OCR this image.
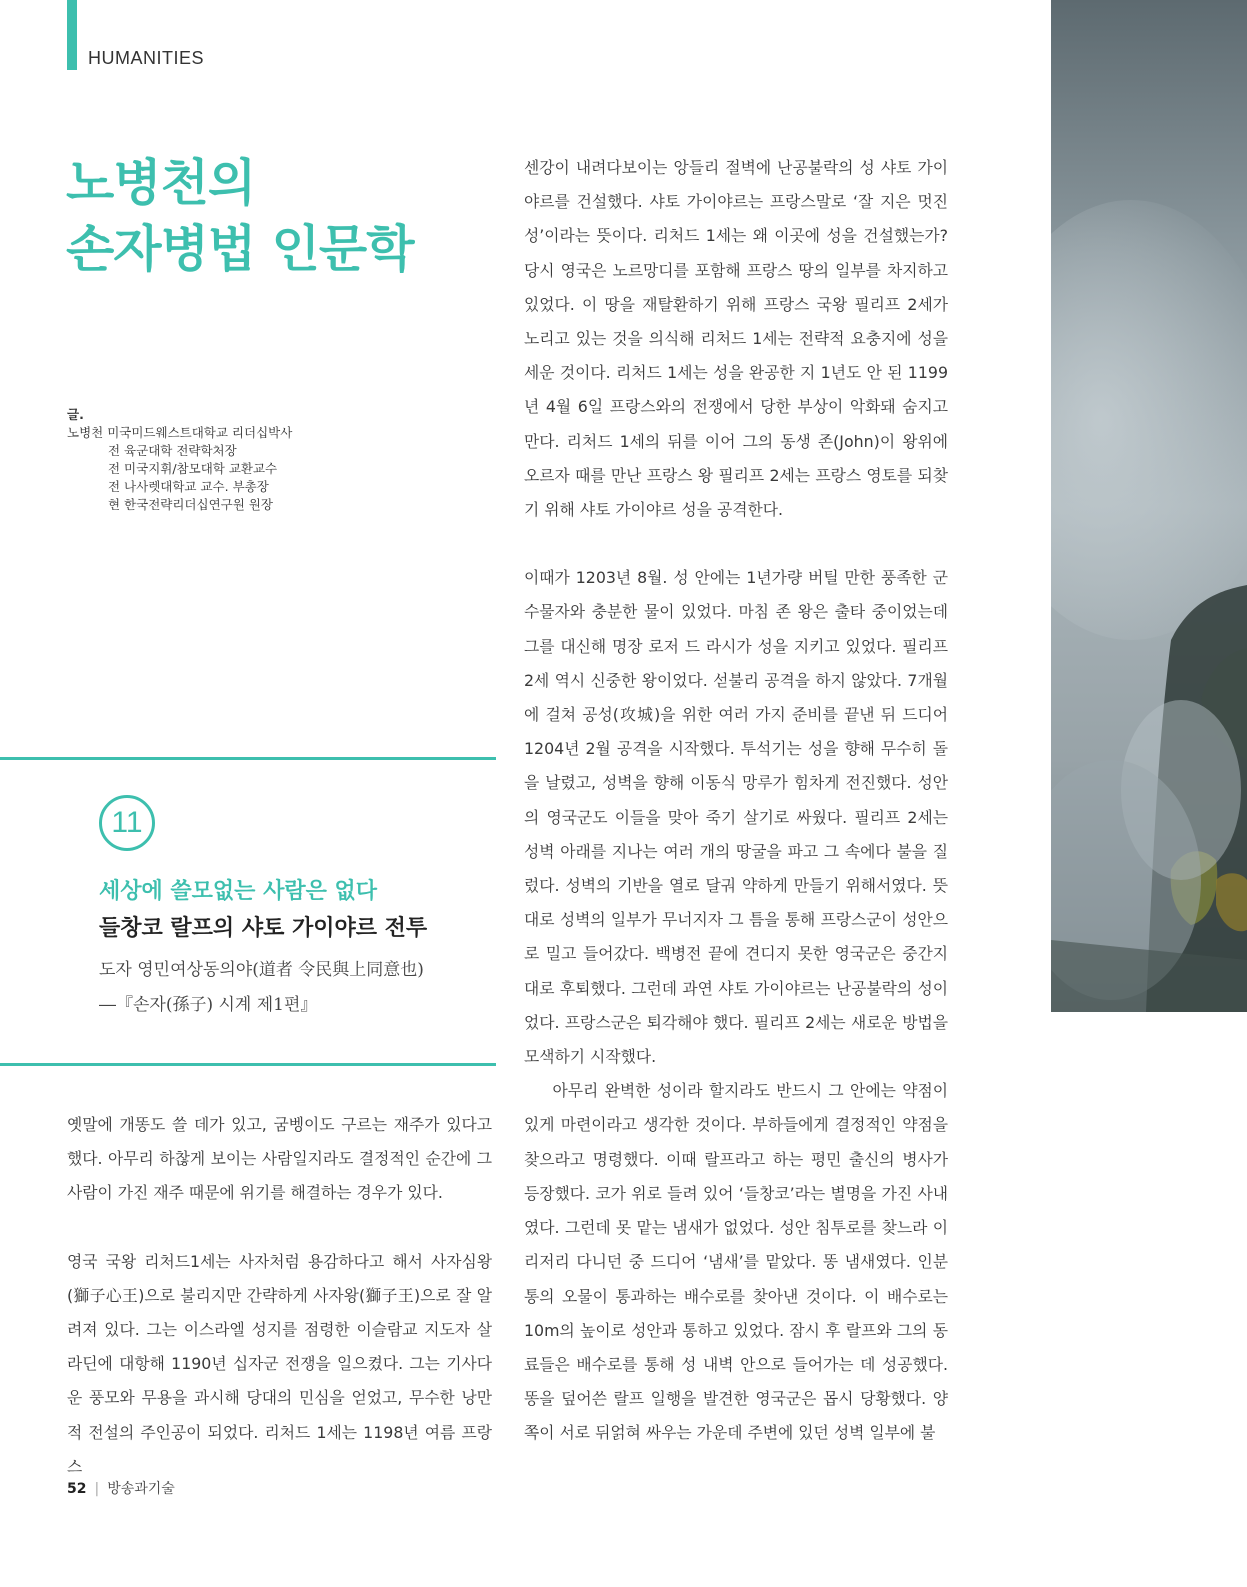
HUMANITIES
노병천의
손자병법 인문학
글.
노병천 미국미드웨스트대학교 리더십박사
전 육군대학 전략학처장
전 미국지휘/참모대학 교환교수
전 나사렛대학교 교수. 부총장
현 한국전략리더십연구원 원장
11
세상에 쓸모없는 사람은 없다
들창코 랄프의 샤토 가이야르 전투
도자 영민여상동의야(道者 令民與上同意也)
―『손자(孫子) 시계 제1편』

옛말에 개똥도 쓸 데가 있고, 굼벵이도 구르는 재주가 있다고 했다. 아무리 하찮게 보이는 사람일지라도 결정적인 순간에 그 사람이 가진 재주 때문에 위기를 해결하는 경우가 있다.

영국 국왕 리처드1세는 사자처럼 용감하다고 해서 사자심왕(獅子心王)으로 불리지만 간략하게 사자왕(獅子王)으로 잘 알려져 있다. 그는 이스라엘 성지를 점령한 이슬람교 지도자 살라딘에 대항해 1190년 십자군 전쟁을 일으켰다. 그는 기사다운 풍모와 무용을 과시해 당대의 민심을 얻었고, 무수한 낭만적 전설의 주인공이 되었다. 리처드 1세는 1198년 여름 프랑스

센강이 내려다보이는 앙들리 절벽에 난공불락의 성 샤토 가이야르를 건설했다. 샤토 가이야르는 프랑스말로 ‘잘 지은 멋진 성’이라는 뜻이다. 리처드 1세는 왜 이곳에 성을 건설했는가? 당시 영국은 노르망디를 포함해 프랑스 땅의 일부를 차지하고 있었다. 이 땅을 재탈환하기 위해 프랑스 국왕 필리프 2세가 노리고 있는 것을 의식해 리처드 1세는 전략적 요충지에 성을 세운 것이다. 리처드 1세는 성을 완공한 지 1년도 안 된 1199년 4월 6일 프랑스와의 전쟁에서 당한 부상이 악화돼 숨지고 만다. 리처드 1세의 뒤를 이어 그의 동생 존(John)이 왕위에 오르자 때를 만난 프랑스 왕 필리프 2세는 프랑스 영토를 되찾기 위해 샤토 가이야르 성을 공격한다.

이때가 1203년 8월. 성 안에는 1년가량 버틸 만한 풍족한 군수물자와 충분한 물이 있었다. 마침 존 왕은 출타 중이었는데 그를 대신해 명장 로저 드 라시가 성을 지키고 있었다. 필리프 2세 역시 신중한 왕이었다. 섣불리 공격을 하지 않았다. 7개월에 걸쳐 공성(攻城)을 위한 여러 가지 준비를 끝낸 뒤 드디어 1204년 2월 공격을 시작했다. 투석기는 성을 향해 무수히 돌을 날렸고, 성벽을 향해 이동식 망루가 힘차게 전진했다. 성안의 영국군도 이들을 맞아 죽기 살기로 싸웠다. 필리프 2세는 성벽 아래를 지나는 여러 개의 땅굴을 파고 그 속에다 불을 질렀다. 성벽의 기반을 열로 달궈 약하게 만들기 위해서였다. 뜻대로 성벽의 일부가 무너지자 그 틈을 통해 프랑스군이 성안으로 밀고 들어갔다. 백병전 끝에 견디지 못한 영국군은 중간지대로 후퇴했다. 그런데 과연 샤토 가이야르는 난공불락의 성이었다. 프랑스군은 퇴각해야 했다. 필리프 2세는 새로운 방법을 모색하기 시작했다.

아무리 완벽한 성이라 할지라도 반드시 그 안에는 약점이 있게 마련이라고 생각한 것이다. 부하들에게 결정적인 약점을 찾으라고 명령했다. 이때 랄프라고 하는 평민 출신의 병사가 등장했다. 코가 위로 들려 있어 ‘들창코’라는 별명을 가진 사내였다. 그런데 못 맡는 냄새가 없었다. 성안 침투로를 찾느라 이리저리 다니던 중 드디어 ‘냄새’를 맡았다. 똥 냄새였다. 인분통의 오물이 통과하는 배수로를 찾아낸 것이다. 이 배수로는 10m의 높이로 성안과 통하고 있었다. 잠시 후 랄프와 그의 동료들은 배수로를 통해 성 내벽 안으로 들어가는 데 성공했다. 똥을 덮어쓴 랄프 일행을 발견한 영국군은 몹시 당황했다. 양쪽이 서로 뒤얽혀 싸우는 가운데 주변에 있던 성벽 일부에 불

52 | 방송과기술
